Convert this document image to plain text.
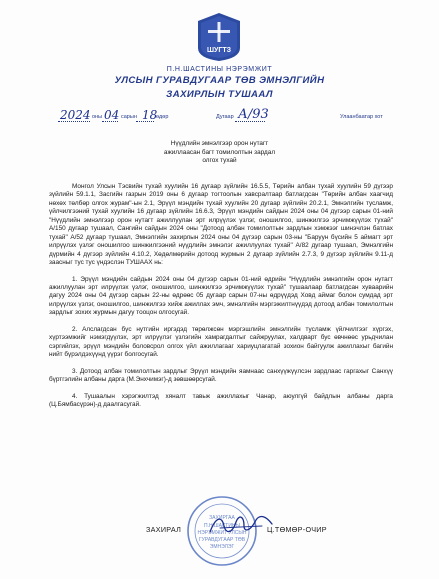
ШУГТЗ
П.Н.ШАСТИНЫ НЭРЭМЖИТ
УЛСЫН ГУРАВДУГААР ТӨВ ЭМНЭЛГИЙН
ЗАХИРЛЫН ТУШААЛ
2024 оны 04 сарын 18
өдөр	Дугаар А/93	Улаанбаатар хот
Нүүдлийн эмнэлгээр орон нутагт
ажиллаасан багт томилолтын зардал
олгох тухай

Монгол Улсын Тэсвийн тухай хуулийн 16 дугаар зүйлийн 16.5.5, Төрийн албан тухай хуулийн 59 дүгээр зүйлийн 59.1.1, Засгийн газрын 2019 оны 6 дугаар тогтоолын хавсралтаар батлагдсан "Төрийн албан хаагчид нөхөх төлбөр олгох журам"-ын 2.1, Эрүүл мэндийн тухай хуулийн 20 дугаар зүйлийн 20.2.1, Эмнэлгийн тусламж, үйлчилгээний тухай хуулийн 16 дугаар зүйлийн 16.6.3, Эрүүл мэндийн сайдын 2024 оны 04 дүгээр сарын 01-ний "Нүүдлийн эмнэлгээр орон нутагт ажиллуулан эрт илрүүлэх үзлэг, оношилгоо, шинжилгээ эрчимжүүлэх тухай" А/150 дугаар тушаал, Сангийн сайдын 2024 оны "Дотоод албан томилолтын зардлын хэмжээг шинэчлэн батлах тухай" А/52 дугаар тушаал, Эмнэлгийн захирлын 2024 оны 04 дүгээр сарын 03-ны "Баруун бүсийн 5 аймагт эрт илрүүлэх үзлэг оношилгоо шинжилгээний нүүдлийн эмнэлэг ажиллуулах тухай" А/82 дугаар тушаал, Эмнэлгийн дүрмийн 4 дүгээр зүйлийн 4.10.2, Хөдөлмөрийн дотоод журмын 2 дугаар зүйлийн 2.7.3, 9 дүгээр зүйлийн 9.11-д заасныг тус тус үндэслэн ТУШААХ нь:

1. Эрүүл мэндийн сайдын 2024 оны 04 дүгээр сарын 01-ний өдрийн "Нүүдлийн эмнэлгийн орон нутагт ажиллуулан эрт илрүүлэх үзлэг, оношилгоо, шинжилгээ эрчимжүүлэх тухай" тушаалаар батлагдсан хуваарийн дагуу 2024 оны 04 дүгээр сарын 22-ны өдрөөс 05 дугаар сарын 07-ны өдрүүдэд Ховд аймаг болон сумдад эрт илрүүлэх үзлэг, оношилгоо, шинжилгээ хийж ажиллах эмч, эмнэлгийн мэргэжилтнүүдэд дотоод албан томилолтын зардлыг зохих журмын дагуу тооцон олгосугай.

2. Алслагдсан бүс нутгийн иргэдэд төрөлжсөн мэргэшлийн эмнэлгийн тусламж үйлчилгээг хүргэх, хүртээмжийг нэмэгдүүлэх, эрт илрүүлэг үзлэгийн хамрагдалтыг сайжруулах, халдварт бус өвчнөөс урьдчилан сэргийлэх, эрүүл мэндийн боловсрол олгох үйл ажиллагааг хариуцлагатай зохион байгуулж ажиллахыг багийн нийт бүрэлдэхүүнд үүрэг болгосугай.

3. Дотоод албан томилолтын зардлыг Эрүүл мэндийн яамнаас санхүүжүүлсэн зардлаас гаргахыг Санхүү бүртгэлийн албаны дарга (М.Энхчимэг)-д зөвшөөрсугай.

4. Тушаалын хэрэгжилтэд хяналт тавьж ажиллахыг Чанар, аюулгүй байдлын албаны дарга (Ц.Бямбасүрэн)-д даалгасугай.

ЗАХИРГАА
П.Н.ШАСТИНЫ
НЭРЭМЖИТ УЛСЫН
ГУРАВДУГААР ТӨВ
ЭМНЭЛЭГ
ЗАХИРАЛ	Ц.ТӨМӨР-ОЧИР
